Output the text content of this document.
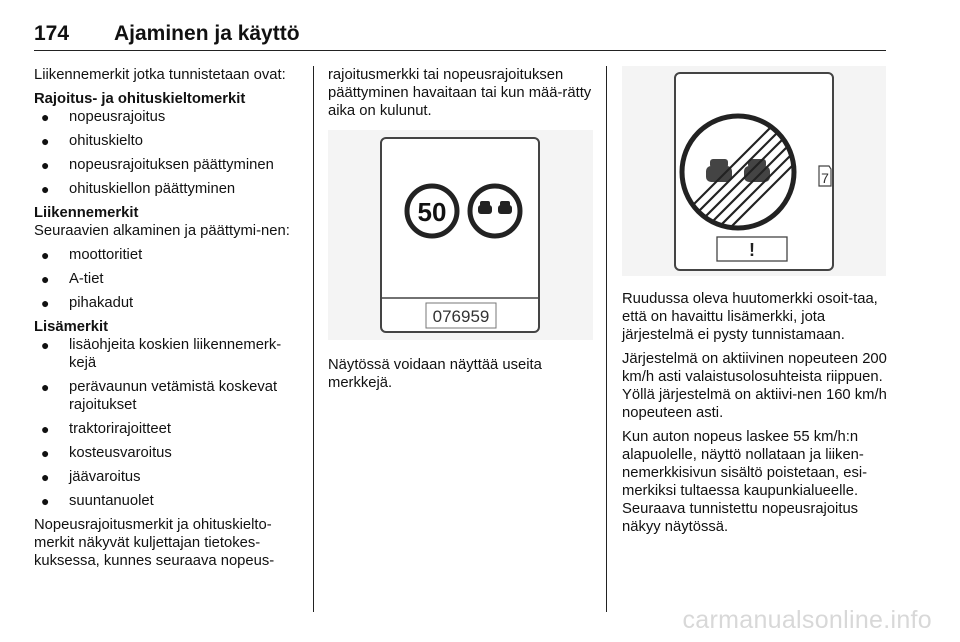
174 Ajaminen ja käyttö

Liikennemerkit jotka tunnistetaan ovat:

Rajoitus- ja ohituskieltomerkit

● nopeusrajoitus
● ohituskielto
● nopeusrajoituksen päättyminen
● ohituskiellon päättyminen

Liikennemerkit

Seuraavien alkaminen ja päättymi-nen:

● moottoritiet
● A-tiet
● pihakadut

Lisämerkit

● lisäohjeita koskien liikennemerk-kejä
● perävaunun vetämistä koskevat rajoitukset
● traktorirajoitteet
● kosteusvaroitus
● jäävaroitus
● suuntanuolet

Nopeusrajoitusmerkit ja ohituskielto-merkit näkyvät kuljettajan tietokes-kuksessa, kunnes seuraava nopeus-

rajoitusmerkki tai nopeusrajoituksen päättyminen havaitaan tai kun mää-rätty aika on kulunut.

50
076959

Näytössä voidaan näyttää useita merkkejä.

7
!

Ruudussa oleva huutomerkki osoit-taa, että on havaittu lisämerkki, jota järjestelmä ei pysty tunnistamaan.

Järjestelmä on aktiivinen nopeuteen 200 km/h asti valaistusolosuhteista riippuen. Yöllä järjestelmä on aktiivi-nen 160 km/h nopeuteen asti.

Kun auton nopeus laskee 55 km/h:n alapuolelle, näyttö nollataan ja liiken-nemerkkisivun sisältö poistetaan, esi-merkiksi tultaessa kaupunkialueelle. Seuraava tunnistettu nopeusrajoitus näkyy näytössä.

carmanualsonline.info
